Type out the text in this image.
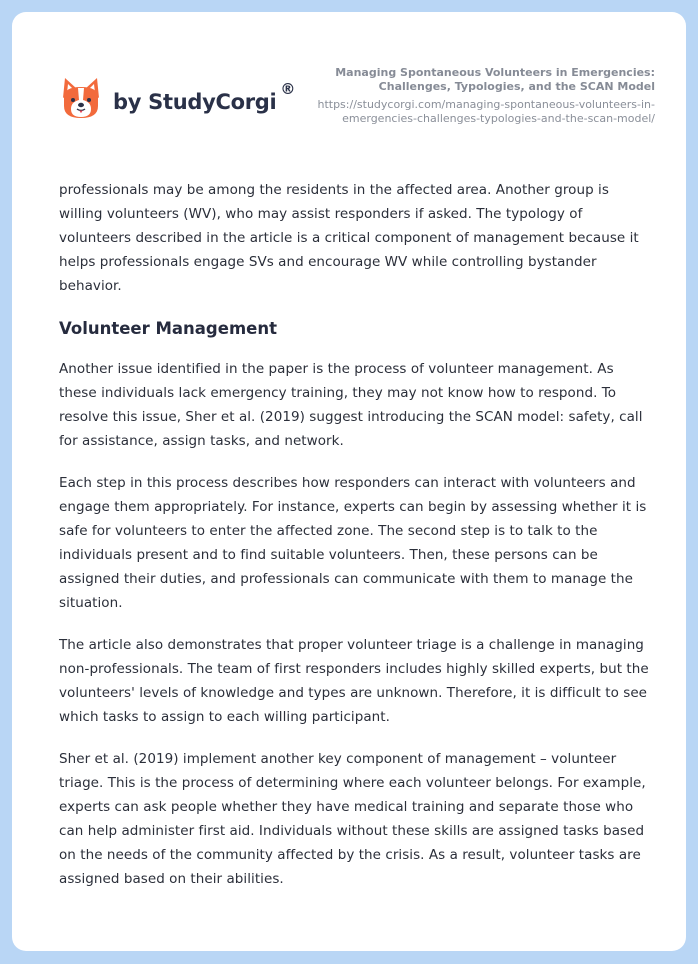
by StudyCorgi
®
Managing Spontaneous Volunteers in Emergencies: Challenges, Typologies, and the SCAN Model
https://studycorgi.com/managing-spontaneous-volunteers-in-emergencies-challenges-typologies-and-the-scan-model/

professionals may be among the residents in the affected area. Another group is willing volunteers (WV), who may assist responders if asked. The typology of volunteers described in the article is a critical component of management because it helps professionals engage SVs and encourage WV while controlling bystander behavior.

Volunteer Management

Another issue identified in the paper is the process of volunteer management. As these individuals lack emergency training, they may not know how to respond. To resolve this issue, Sher et al. (2019) suggest introducing the SCAN model: safety, call for assistance, assign tasks, and network.

Each step in this process describes how responders can interact with volunteers and engage them appropriately. For instance, experts can begin by assessing whether it is safe for volunteers to enter the affected zone. The second step is to talk to the individuals present and to find suitable volunteers. Then, these persons can be assigned their duties, and professionals can communicate with them to manage the situation.

The article also demonstrates that proper volunteer triage is a challenge in managing non-professionals. The team of first responders includes highly skilled experts, but the volunteers' levels of knowledge and types are unknown. Therefore, it is difficult to see which tasks to assign to each willing participant.

Sher et al. (2019) implement another key component of management – volunteer triage. This is the process of determining where each volunteer belongs. For example, experts can ask people whether they have medical training and separate those who can help administer first aid. Individuals without these skills are assigned tasks based on the needs of the community affected by the crisis. As a result, volunteer tasks are assigned based on their abilities.
